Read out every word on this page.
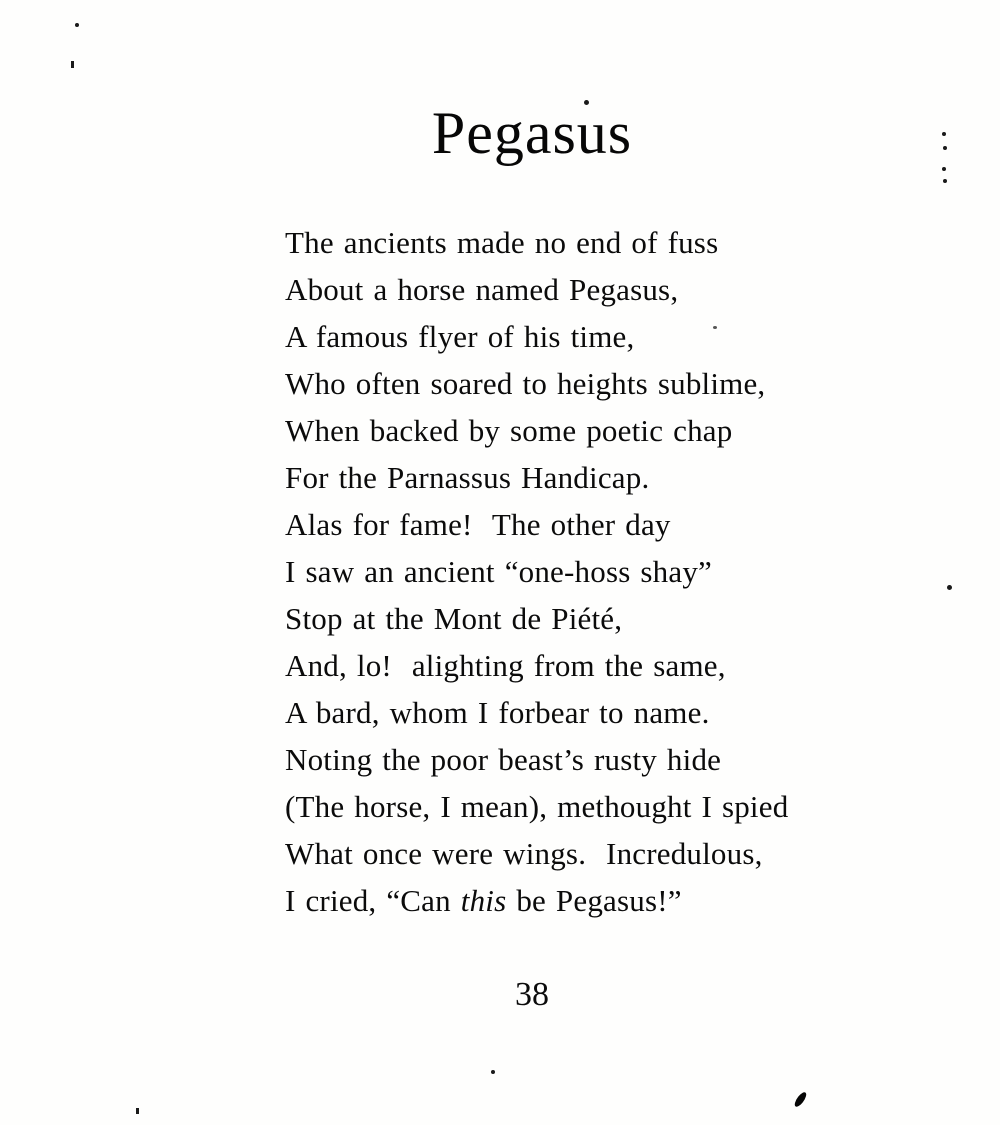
Pegasus
The ancients made no end of fuss
About a horse named Pegasus,
A famous flyer of his time,
Who often soared to heights sublime,
When backed by some poetic chap
For the Parnassus Handicap.
Alas for fame!  The other day
I saw an ancient “one-hoss shay”
Stop at the Mont de Piété,
And, lo!  alighting from the same,
A bard, whom I forbear to name.
Noting the poor beast’s rusty hide
(The horse, I mean), methought I spied
What once were wings.  Incredulous,
I cried, “Can this be Pegasus!”
38
